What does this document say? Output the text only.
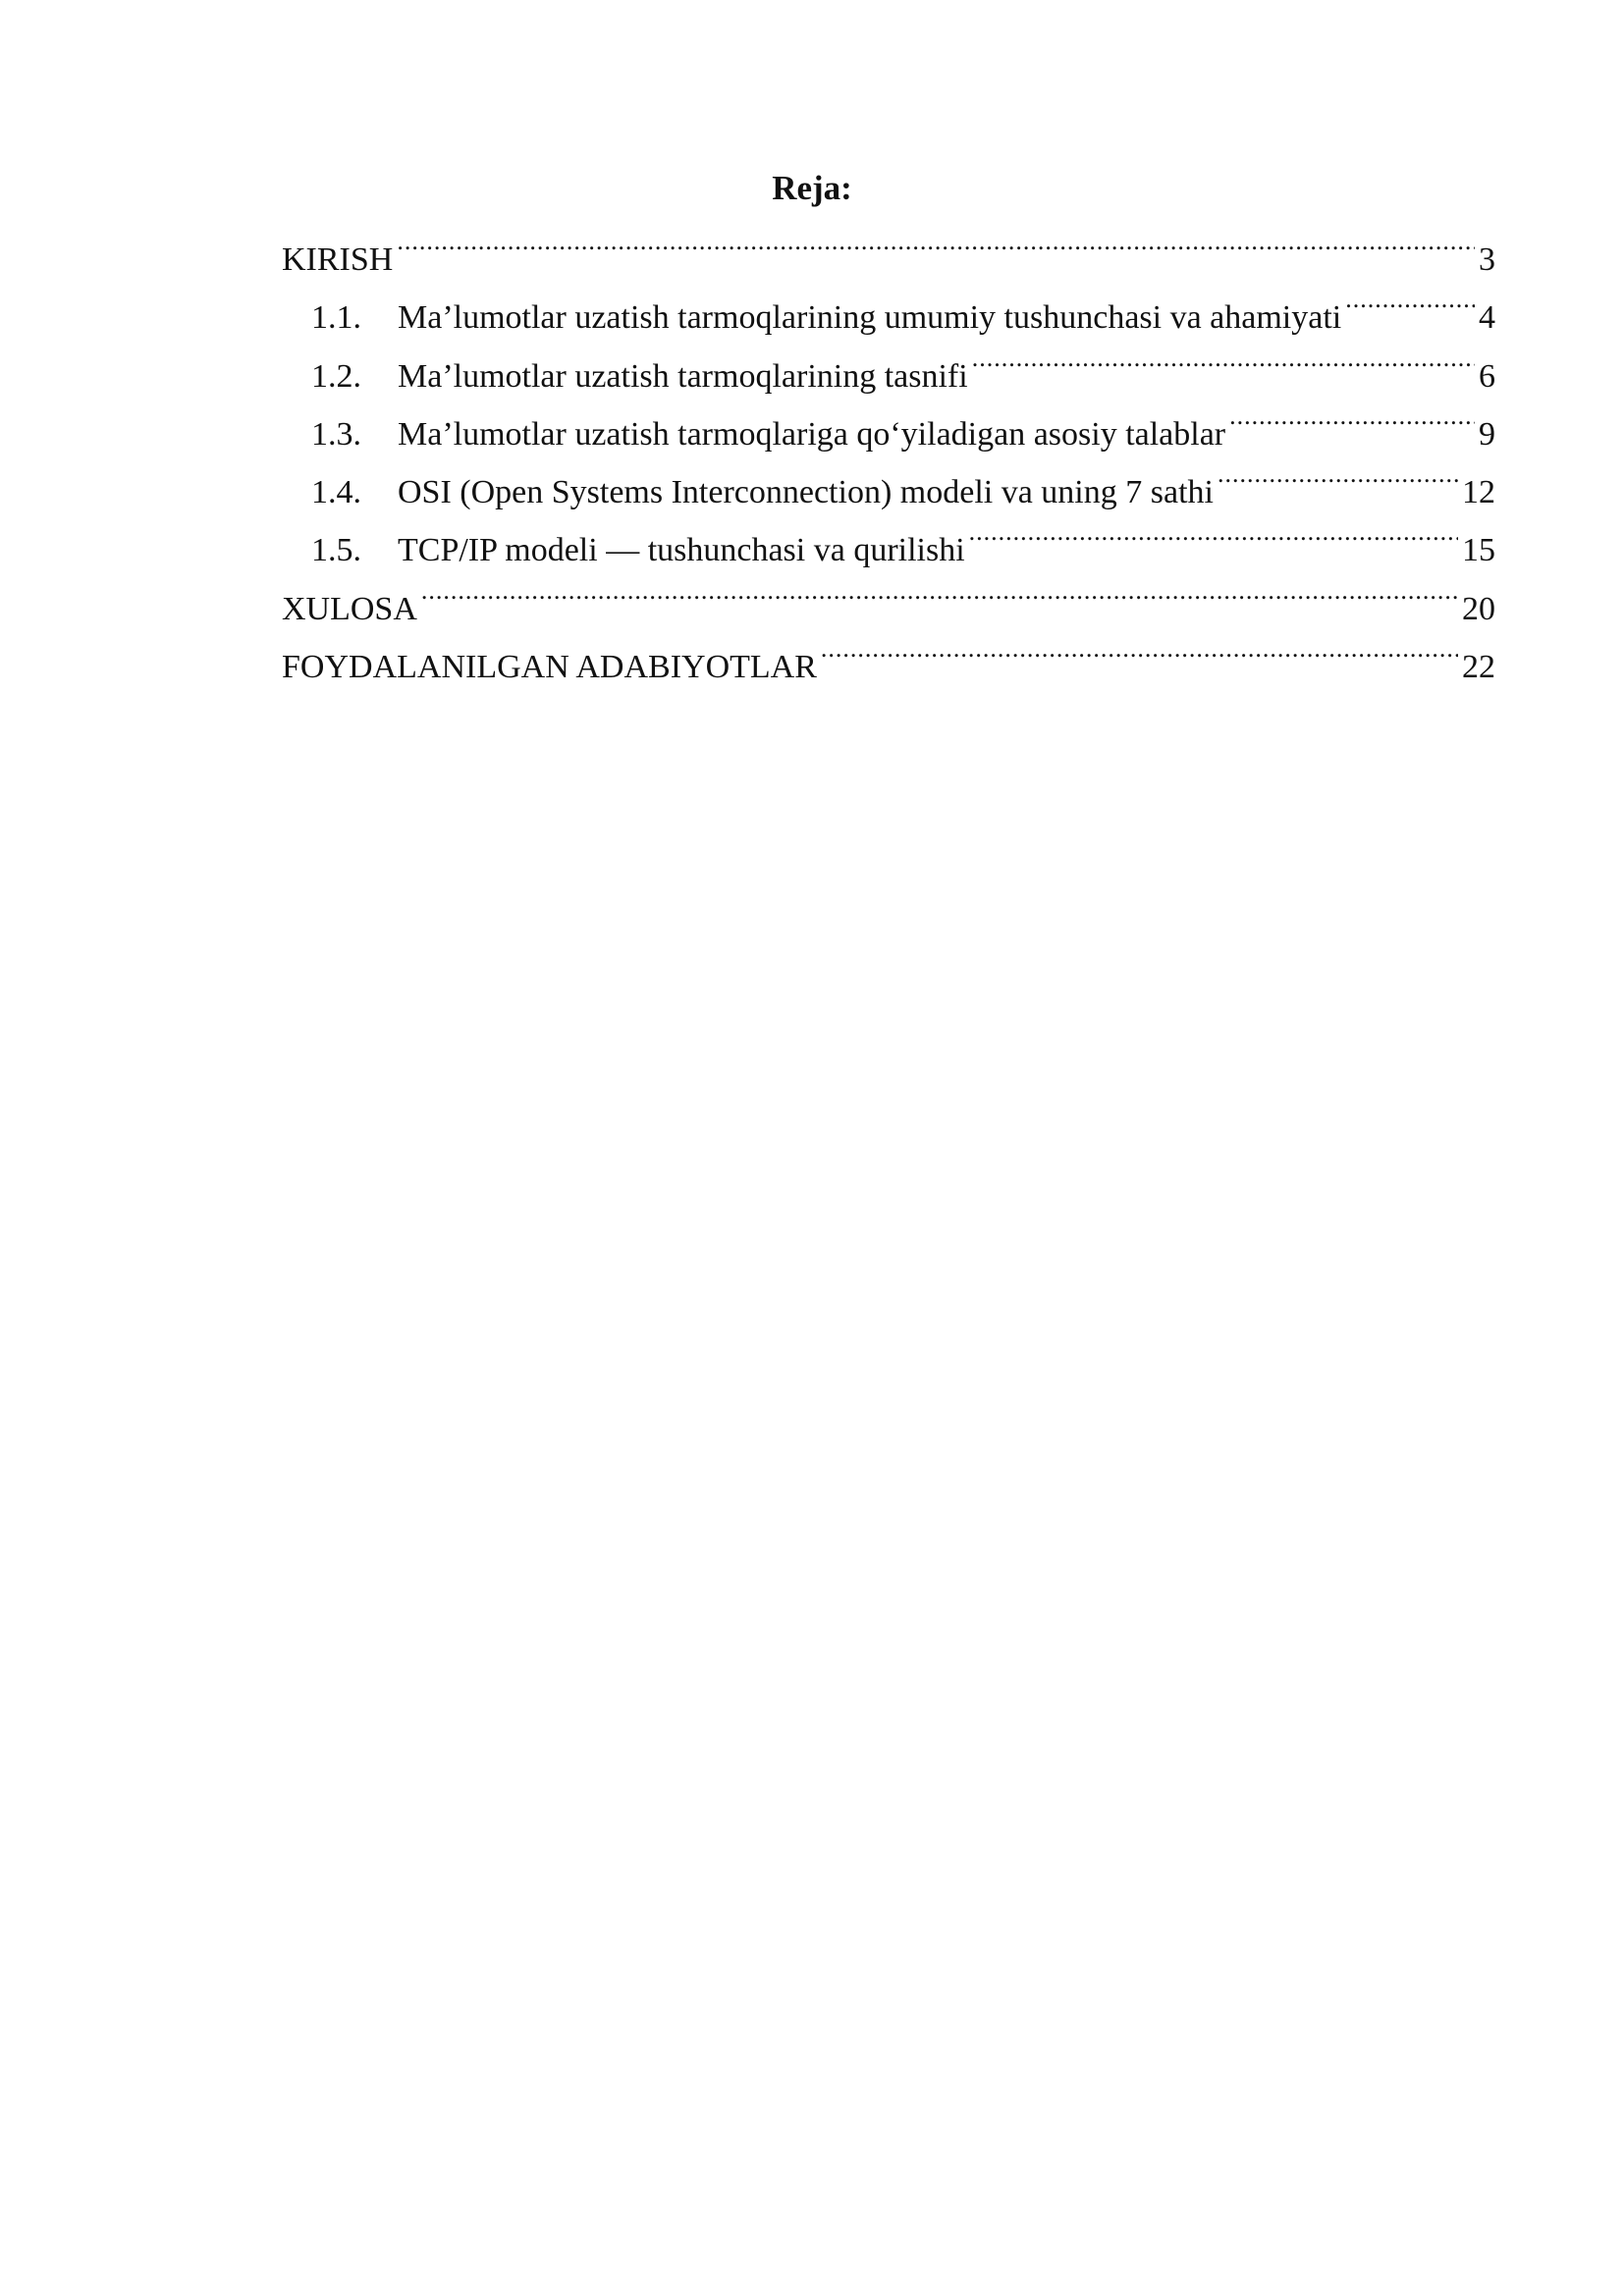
Reja:
KIRISH .....	3
1.1.	Ma’lumotlar uzatish tarmoqlarining umumiy tushunchasi va ahamiyati .....	4
1.2.	Ma’lumotlar uzatish tarmoqlarining tasnifi .....	6
1.3.	Ma’lumotlar uzatish tarmoqlariga qo‘yiladigan asosiy talablar .....	9
1.4.	OSI (Open Systems Interconnection) modeli va uning 7 sathi .....	12
1.5.	TCP/IP modeli — tushunchasi va qurilishi .....	15
XULOSA .....	20
FOYDALANILGAN ADABIYOTLAR .....	22
